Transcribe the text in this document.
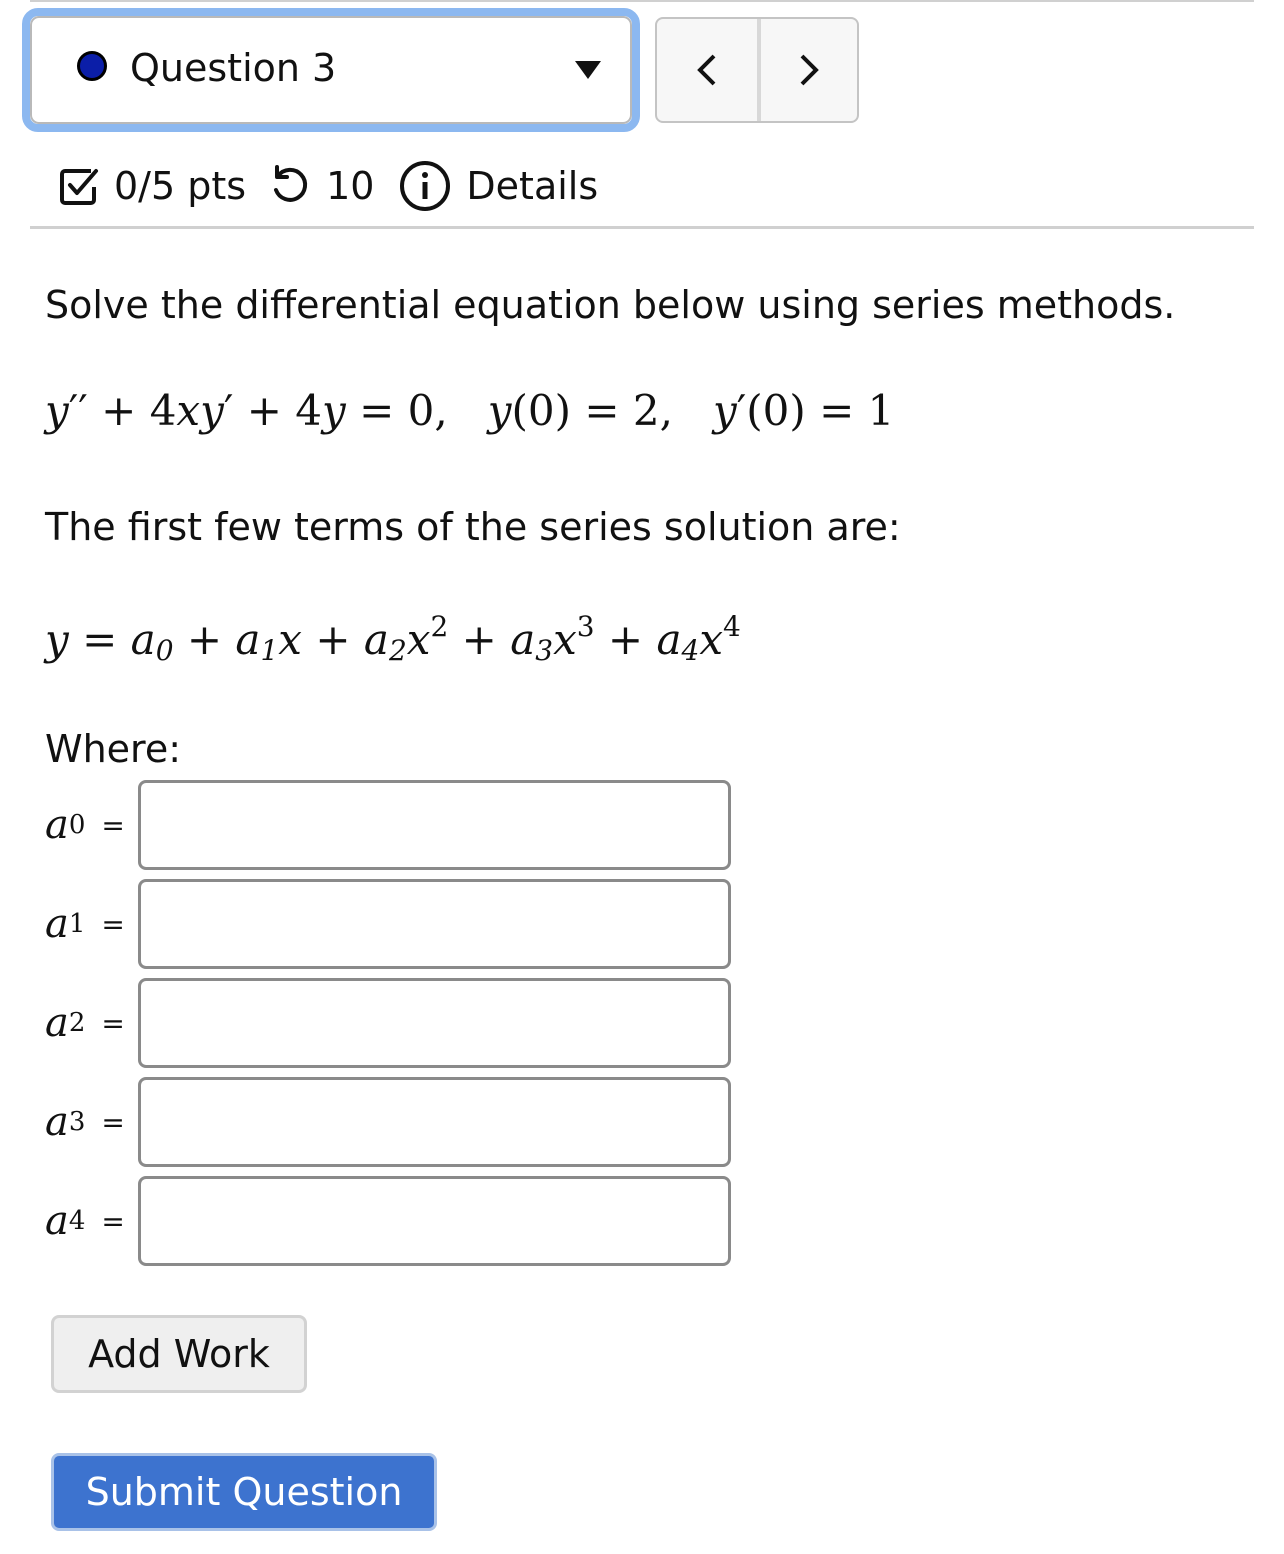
Question 3
0/5 pts 10 Details
Solve the differential equation below using series methods.
y′′ + 4xy′ + 4y = 0,   y(0) = 2,   y′(0) = 1
The first few terms of the series solution are:
$y = a_0 + a_1x + a_2x^2 + a_3x^3 + a_4x^4$
Where:
a 0 =
a 1 =
a 2 =
a 3 =
a 4 =
Add Work
Submit Question
